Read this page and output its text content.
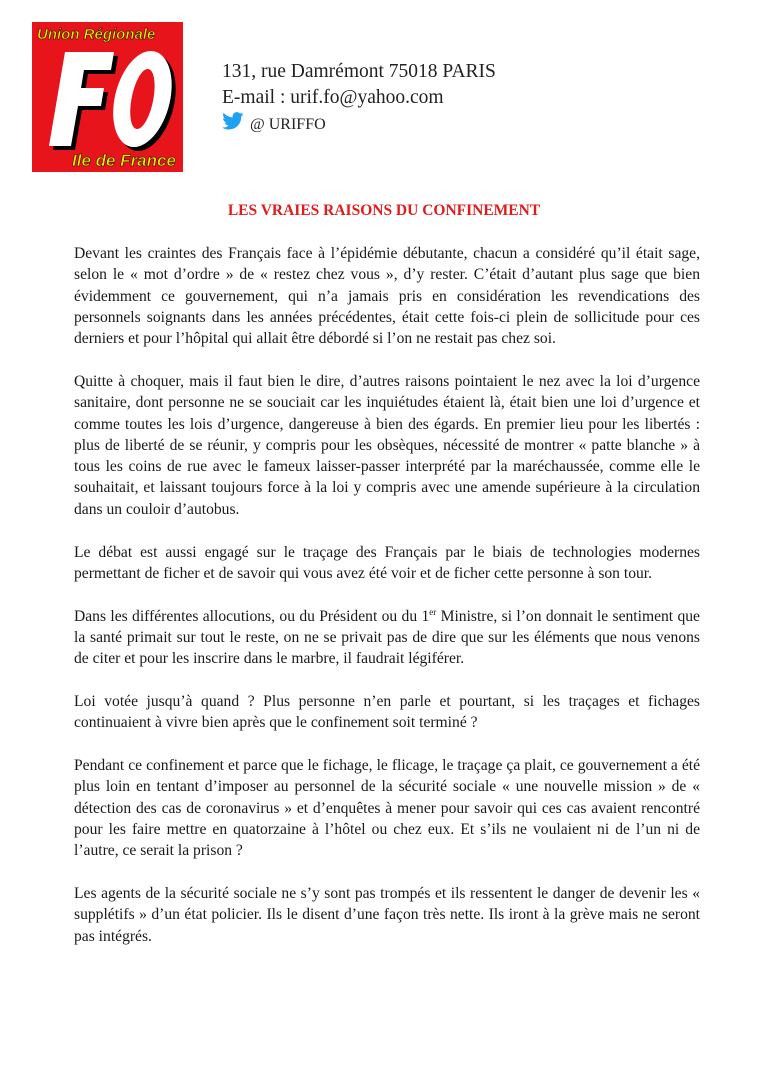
Union Régionale
Ile de France
131, rue Damrémont 75018 PARIS
E-mail : urif.fo@yahoo.com
@ URIFFO
LES VRAIES RAISONS DU CONFINEMENT

Devant les craintes des Français face à l’épidémie débutante, chacun a considéré qu’il était sage, selon le « mot d’ordre » de « restez chez vous », d’y rester. C’était d’autant plus sage que bien évidemment ce gouvernement, qui n’a jamais pris en considération les revendications des personnels soignants dans les années précédentes, était cette fois-ci plein de sollicitude pour ces derniers et pour l’hôpital qui allait être débordé si l’on ne restait pas chez soi.

Quitte à choquer, mais il faut bien le dire, d’autres raisons pointaient le nez avec la loi d’urgence sanitaire, dont personne ne se souciait car les inquiétudes étaient là, était bien une loi d’urgence et comme toutes les lois d’urgence, dangereuse à bien des égards. En premier lieu pour les libertés : plus de liberté de se réunir, y compris pour les obsèques, nécessité de montrer « patte blanche » à tous les coins de rue avec le fameux laisser-passer interprété par la maréchaussée, comme elle le souhaitait, et laissant toujours force à la loi y compris avec une amende supérieure à la circulation dans un couloir d’autobus.

Le débat est aussi engagé sur le traçage des Français par le biais de technologies modernes permettant de ficher et de savoir qui vous avez été voir et de ficher cette personne à son tour.

Dans les différentes allocutions, ou du Président ou du 1er Ministre, si l’on donnait le sentiment que la santé primait sur tout le reste, on ne se privait pas de dire que sur les éléments que nous venons de citer et pour les inscrire dans le marbre, il faudrait légiférer.

Loi votée jusqu’à quand ? Plus personne n’en parle et pourtant, si les traçages et fichages continuaient à vivre bien après que le confinement soit terminé ?

Pendant ce confinement et parce que le fichage, le flicage, le traçage ça plait, ce gouvernement a été plus loin en tentant d’imposer au personnel de la sécurité sociale « une nouvelle mission » de « détection des cas de coronavirus » et d’enquêtes à mener pour savoir qui ces cas avaient rencontré pour les faire mettre en quatorzaine à l’hôtel ou chez eux. Et s’ils ne voulaient ni de l’un ni de l’autre, ce serait la prison ?

Les agents de la sécurité sociale ne s’y sont pas trompés et ils ressentent le danger de devenir les « supplétifs » d’un état policier. Ils le disent d’une façon très nette. Ils iront à la grève mais ne seront pas intégrés.
